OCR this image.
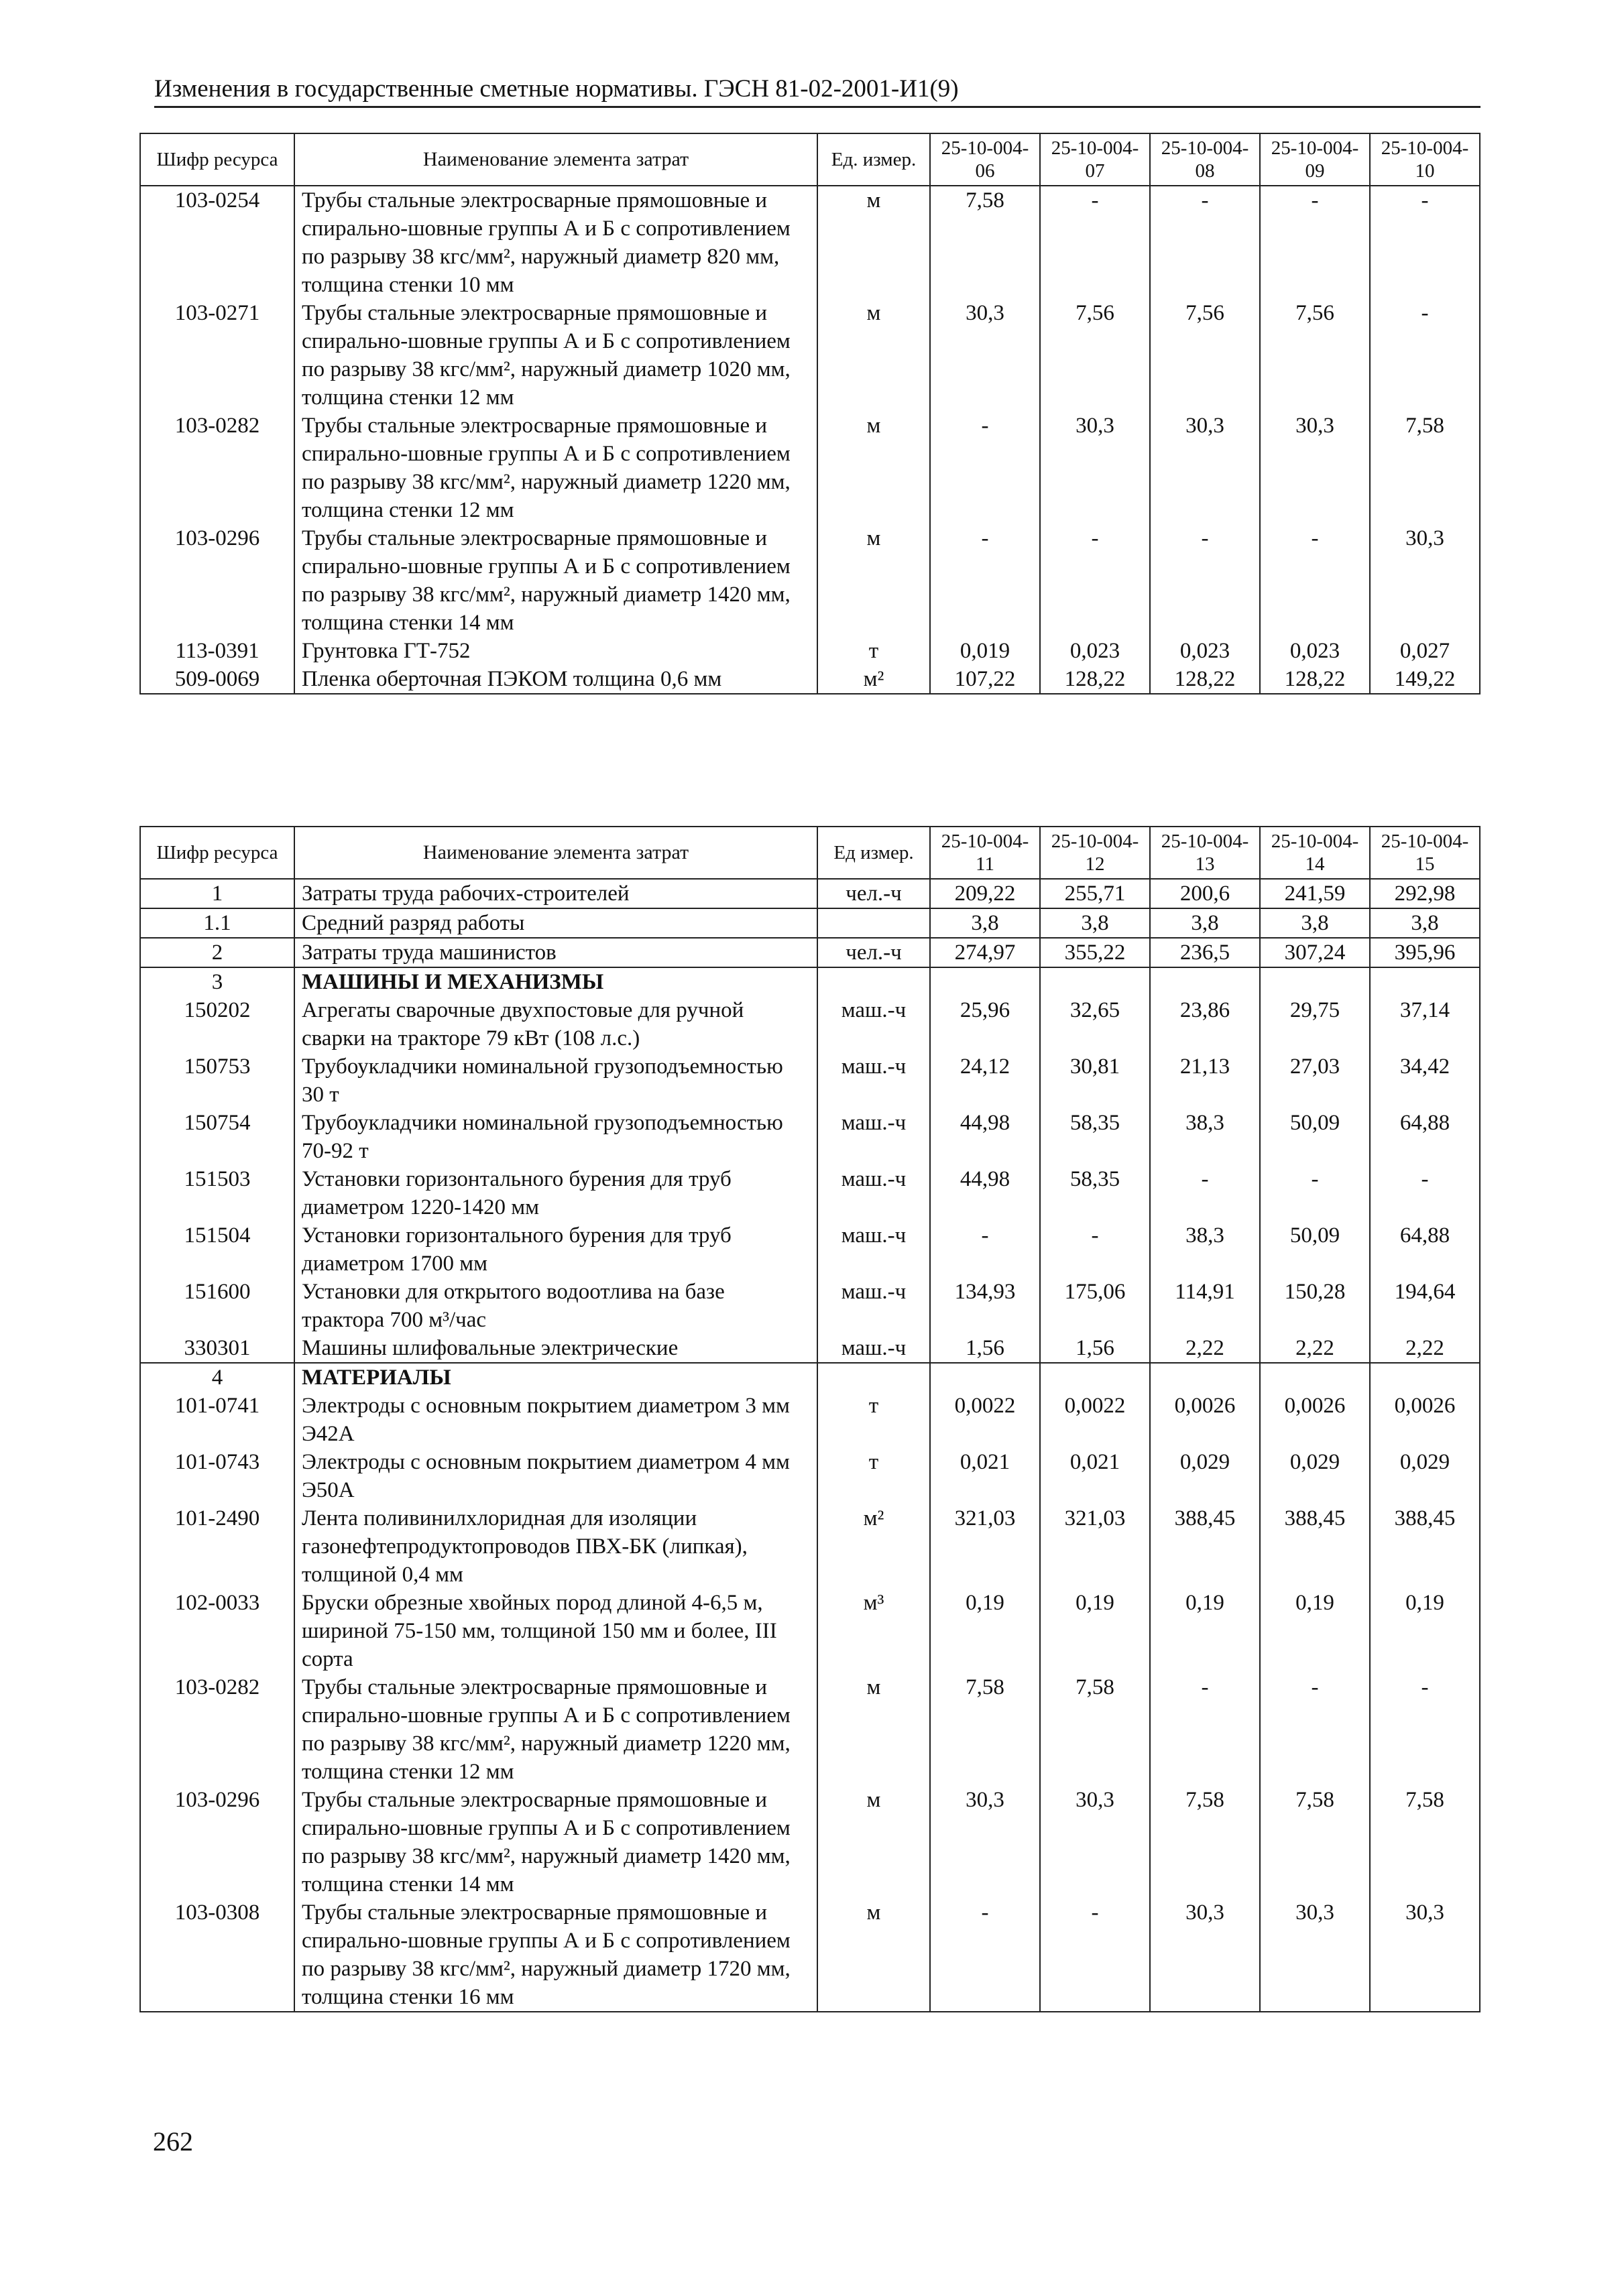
Изменения в государственные сметные нормативы. ГЭСН 81-02-2001-И1(9)
Шифр ресурса	Наименование элемента затрат	Ед. измер.	25-10-004-06	25-10-004-07	25-10-004-08	25-10-004-09	25-10-004-10
103-0254	Трубы стальные электросварные прямошовные и спирально-шовные группы А и Б с сопротивлением по разрыву 38 кгс/мм², наружный диаметр 820 мм, толщина стенки 10 мм	м	7,58	-	-	-	-
103-0271	Трубы стальные электросварные прямошовные и спирально-шовные группы А и Б с сопротивлением по разрыву 38 кгс/мм², наружный диаметр 1020 мм, толщина стенки 12 мм	м	30,3	7,56	7,56	7,56	-
103-0282	Трубы стальные электросварные прямошовные и спирально-шовные группы А и Б с сопротивлением по разрыву 38 кгс/мм², наружный диаметр 1220 мм, толщина стенки 12 мм	м	-	30,3	30,3	30,3	7,58
103-0296	Трубы стальные электросварные прямошовные и спирально-шовные группы А и Б с сопротивлением по разрыву 38 кгс/мм², наружный диаметр 1420 мм, толщина стенки 14 мм	м	-	-	-	-	30,3
113-0391	Грунтовка ГТ-752	т	0,019	0,023	0,023	0,023	0,027
509-0069	Пленка оберточная ПЭКОМ толщина 0,6 мм	м²	107,22	128,22	128,22	128,22	149,22
Шифр ресурса	Наименование элемента затрат	Ед измер.	25-10-004-11	25-10-004-12	25-10-004-13	25-10-004-14	25-10-004-15
1	Затраты труда рабочих-строителей	чел.-ч	209,22	255,71	200,6	241,59	292,98
1.1	Средний разряд работы		3,8	3,8	3,8	3,8	3,8
2	Затраты труда машинистов	чел.-ч	274,97	355,22	236,5	307,24	395,96
3	МАШИНЫ И МЕХАНИЗМЫ						
150202	Агрегаты сварочные двухпостовые для ручной сварки на тракторе 79 кВт (108 л.с.)	маш.-ч	25,96	32,65	23,86	29,75	37,14
150753	Трубоукладчики номинальной грузоподъемностью 30 т	маш.-ч	24,12	30,81	21,13	27,03	34,42
150754	Трубоукладчики номинальной грузоподъемностью 70-92 т	маш.-ч	44,98	58,35	38,3	50,09	64,88
151503	Установки горизонтального бурения для труб диаметром 1220-1420 мм	маш.-ч	44,98	58,35	-	-	-
151504	Установки горизонтального бурения для труб диаметром 1700 мм	маш.-ч	-	-	38,3	50,09	64,88
151600	Установки для открытого водоотлива на базе трактора 700 м³/час	маш.-ч	134,93	175,06	114,91	150,28	194,64
330301	Машины шлифовальные электрические	маш.-ч	1,56	1,56	2,22	2,22	2,22
4	МАТЕРИАЛЫ						
101-0741	Электроды с основным покрытием диаметром 3 мм Э42А	т	0,0022	0,0022	0,0026	0,0026	0,0026
101-0743	Электроды с основным покрытием диаметром 4 мм Э50А	т	0,021	0,021	0,029	0,029	0,029
101-2490	Лента поливинилхлоридная для изоляции газонефтепродуктопроводов ПВХ-БК (липкая), толщиной 0,4 мм	м²	321,03	321,03	388,45	388,45	388,45
102-0033	Бруски обрезные хвойных пород длиной 4-6,5 м, шириной 75-150 мм, толщиной 150 мм и более, III сорта	м³	0,19	0,19	0,19	0,19	0,19
103-0282	Трубы стальные электросварные прямошовные и спирально-шовные группы А и Б с сопротивлением по разрыву 38 кгс/мм², наружный диаметр 1220 мм, толщина стенки 12 мм	м	7,58	7,58	-	-	-
103-0296	Трубы стальные электросварные прямошовные и спирально-шовные группы А и Б с сопротивлением по разрыву 38 кгс/мм², наружный диаметр 1420 мм, толщина стенки 14 мм	м	30,3	30,3	7,58	7,58	7,58
103-0308	Трубы стальные электросварные прямошовные и спирально-шовные группы А и Б с сопротивлением по разрыву 38 кгс/мм², наружный диаметр 1720 мм, толщина стенки 16 мм	м	-	-	30,3	30,3	30,3
262
